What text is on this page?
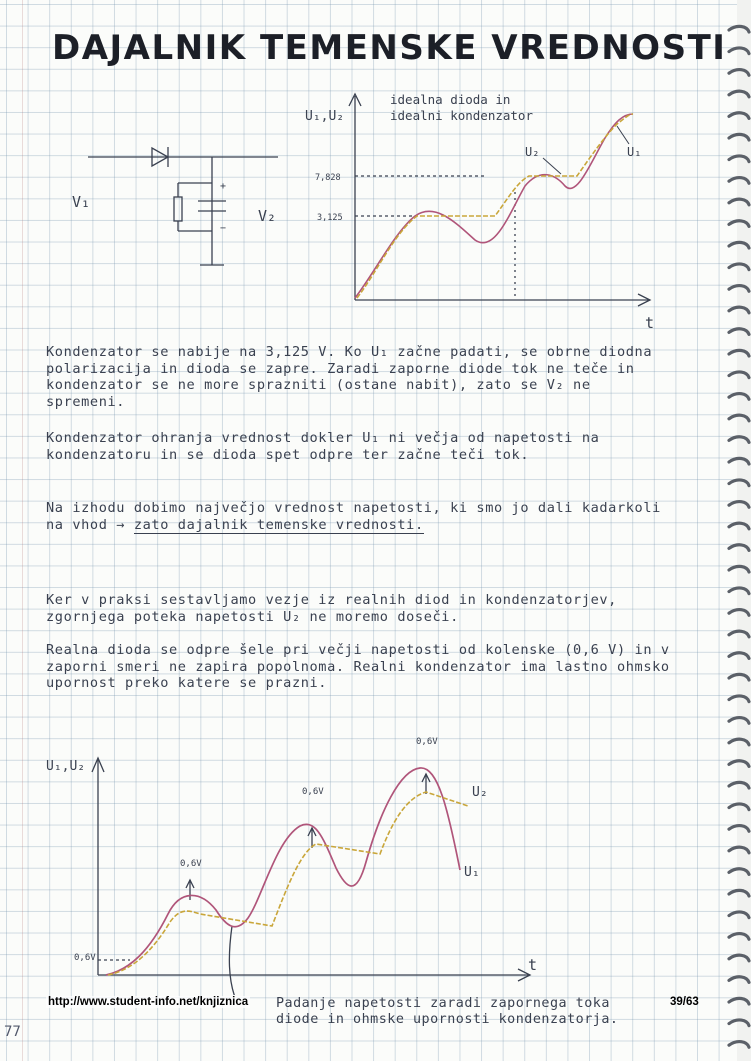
DAJALNIK TEMENSKE VREDNOSTI
+
−
V₁
V₂
U₁,U₂
t
idealna dioda in
idealni kondenzator
7,828
3,125
U₂	U₁
Kondenzator se nabije na 3,125 V. Ko U₁ začne padati, se obrne diodna polarizacija in dioda se zapre. Zaradi zaporne diode tok ne teče in kondenzator se ne more sprazniti (ostane nabit), zato se V₂ ne spremeni.
Kondenzator ohranja vrednost dokler U₁ ni večja od napetosti na kondenzatoru in se dioda spet odpre ter začne teči tok.
Na izhodu dobimo največjo vrednost napetosti, ki smo jo dali kadarkoli na vhod → zato dajalnik temenske vrednosti.
Ker v praksi sestavljamo vezje iz realnih diod in kondenzatorjev, zgornjega poteka napetosti U₂ ne moremo doseči.
Realna dioda se odpre šele pri večji napetosti od kolenske (0,6 V) in v zaporni smeri ne zapira popolnoma. Realni kondenzator ima lastno ohmsko upornost preko katere se prazni.
U₁,U₂
t
0,6V
0,6V
0,6V
0,6V
U₂
U₁
Padanje napetosti zaradi zapornega toka diode in ohmske upornosti kondenzatorja.
http://www.student-info.net/knjiznica	39/63
77
